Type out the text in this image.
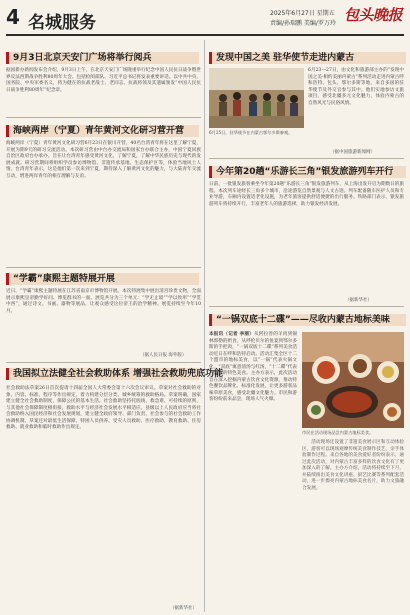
4 名城服务	2025年6月27日 星期五
责编/孙瑞鹏 美编/罗万玲 包头晚报
9月3日北京天安门广场将举行阅兵
据国新办新闻发布会介绍，9月3日上午，在北京天安门广场隆重举行纪念中国人民抗日战争暨世界反法西斯战争胜利80周年大会。包括检阅部队、习近平总书记将发表重要讲话。以中共中央、国务院、中央军委名义，将为健在的抗战老战士、老同志、抗战将领及其遗属颁发“中国人民抗日战争胜利80周年”纪念章。
海峡两岸（宁夏）青年黄河文化研习营开营
海峡两岸（宁夏）青年黄河文化研习营6月23日在银川开营，40名台湾青年将在这里了解宁夏，开展为期9天的研习交流活动。本次研习营由中台办交流局和国家台办联合主办，中国宁夏回族自治区政府台办承办。旨在让台湾青年感受黄河文化，了解宁夏，了解中华民族历史与现代的发展成就。研习营期间将组织学员参访博物馆、非遗传承基地、生态保护区等，体验当地风土人情。台湾青年表示，这是他们第一次来到宁夏，期待深入了解黄河文化的魅力，与大陆青年交流互动，增进两岸青年的相互理解与友谊。
“学霸”康熙主题特展开展
近日，“学霸”康熙主题特展在江苏省南京市博物馆开展。本次特展集中展出清宫珍贵文物，全面展示康熙皇帝勤学好问、博览群书的一面。展览共分为三个单元：“学无止境”“学以致用”“学贯中西”，通过诗文、书画、器物等展品，让观众感受这位帝王的治学精神。展览持续至今年10月。
（据人民日报 海外版）
我国拟立法健全社会救助体系 增强社会救助兜底功能
社会救助法草案26日首次提请十四届全国人大常委会第十六次会议审议。草案对社会救助的对象、内容、标准、程序等作出规定，着力构建分层分类、城乡统筹的救助格局。草案明确，国家建立健全社会救助制度，保障公民的基本生活。社会救助坚持托底线、救急难、可持续的原则，与其他社会保障制度相衔接，救助水平与经济社会发展水平相适应。县级以上人民政府应当将社会救助纳入国民经济和社会发展规划，建立健全政府领导、部门负责、社会参与的社会救助工作协调机制。草案还对最低生活保障、特困人员供养、受灾人员救助、医疗救助、教育救助、住房救助、就业救助和临时救助作出规定。
（据新华社）
发现中国之美 驻华使节走进内蒙古
6月25日，驻华使节在内蒙古鄂尔多斯参观。
6月23—27日，由文化和旅游部主办的“发现中国之美·相约美丽内蒙古”系列活动走进内蒙古呼和浩特、包头、鄂尔多斯等地，来自多国的驻华使节及外交官参与其中。他们实地参访文旅项目，感受北疆多元文化魅力，体验内蒙古的自然风光与民俗风情。
（据中国旅游新闻网）
今年第20趟“乐游长三角”银发旅游列车开行
日前，一批银发旅客乘坐今年第20趟“乐游长三角”银发旅游列车，从上海出发开启为期数日的旅程。本次列车途经长三角多个城市，沿途游览自然景观与人文古迹。列车配备随车医护人员和专业导游，车厢内设置适老化设施，为老年旅客提供舒适便捷的出行服务。铁路部门表示，银发旅游列车将持续开行，丰富老年人的旅游选择，助力银发经济发展。
（据新华社）
“一锅双底十二碟”——尽收内蒙古地标美味
本报讯（记者 李丽）从阿拉善的羊肉到锡林郭勒的奶食，从呼伦贝尔的鱼宴到鄂尔多斯的手把肉，“一锅双底十二碟”系列美食活动近日在呼和浩特启动。活动汇集全区十二个盟市的地标美食，以“一锅”代表火锅文化，“双底”寓意清汤与红汤，“十二碟”代表各盟市的特色美食。主办方表示，此次活动旨在深入挖掘内蒙古饮食文化资源，推动特色餐饮品牌化、标准化发展，让更多游客品味草原美食，感受北疆文化魅力。市民和游客纷纷前来品尝，现场人气火爆。
市民在活动现场品尝内蒙古地标美食。
　　活动现场还设置了非遗美食展示区和互动体验区，游客可以现场观摩传统美食制作技艺，亲手体验制作过程。来自各地的美食爱好者纷纷表示，通过此次活动，对内蒙古丰富多样的饮食文化有了更加深入的了解。主办方介绍，活动将持续至下月，并陆续推出美食文化讲座、厨艺比赛等系列配套活动，进一步擦亮内蒙古地标美食名片，助力文旅融合发展。
